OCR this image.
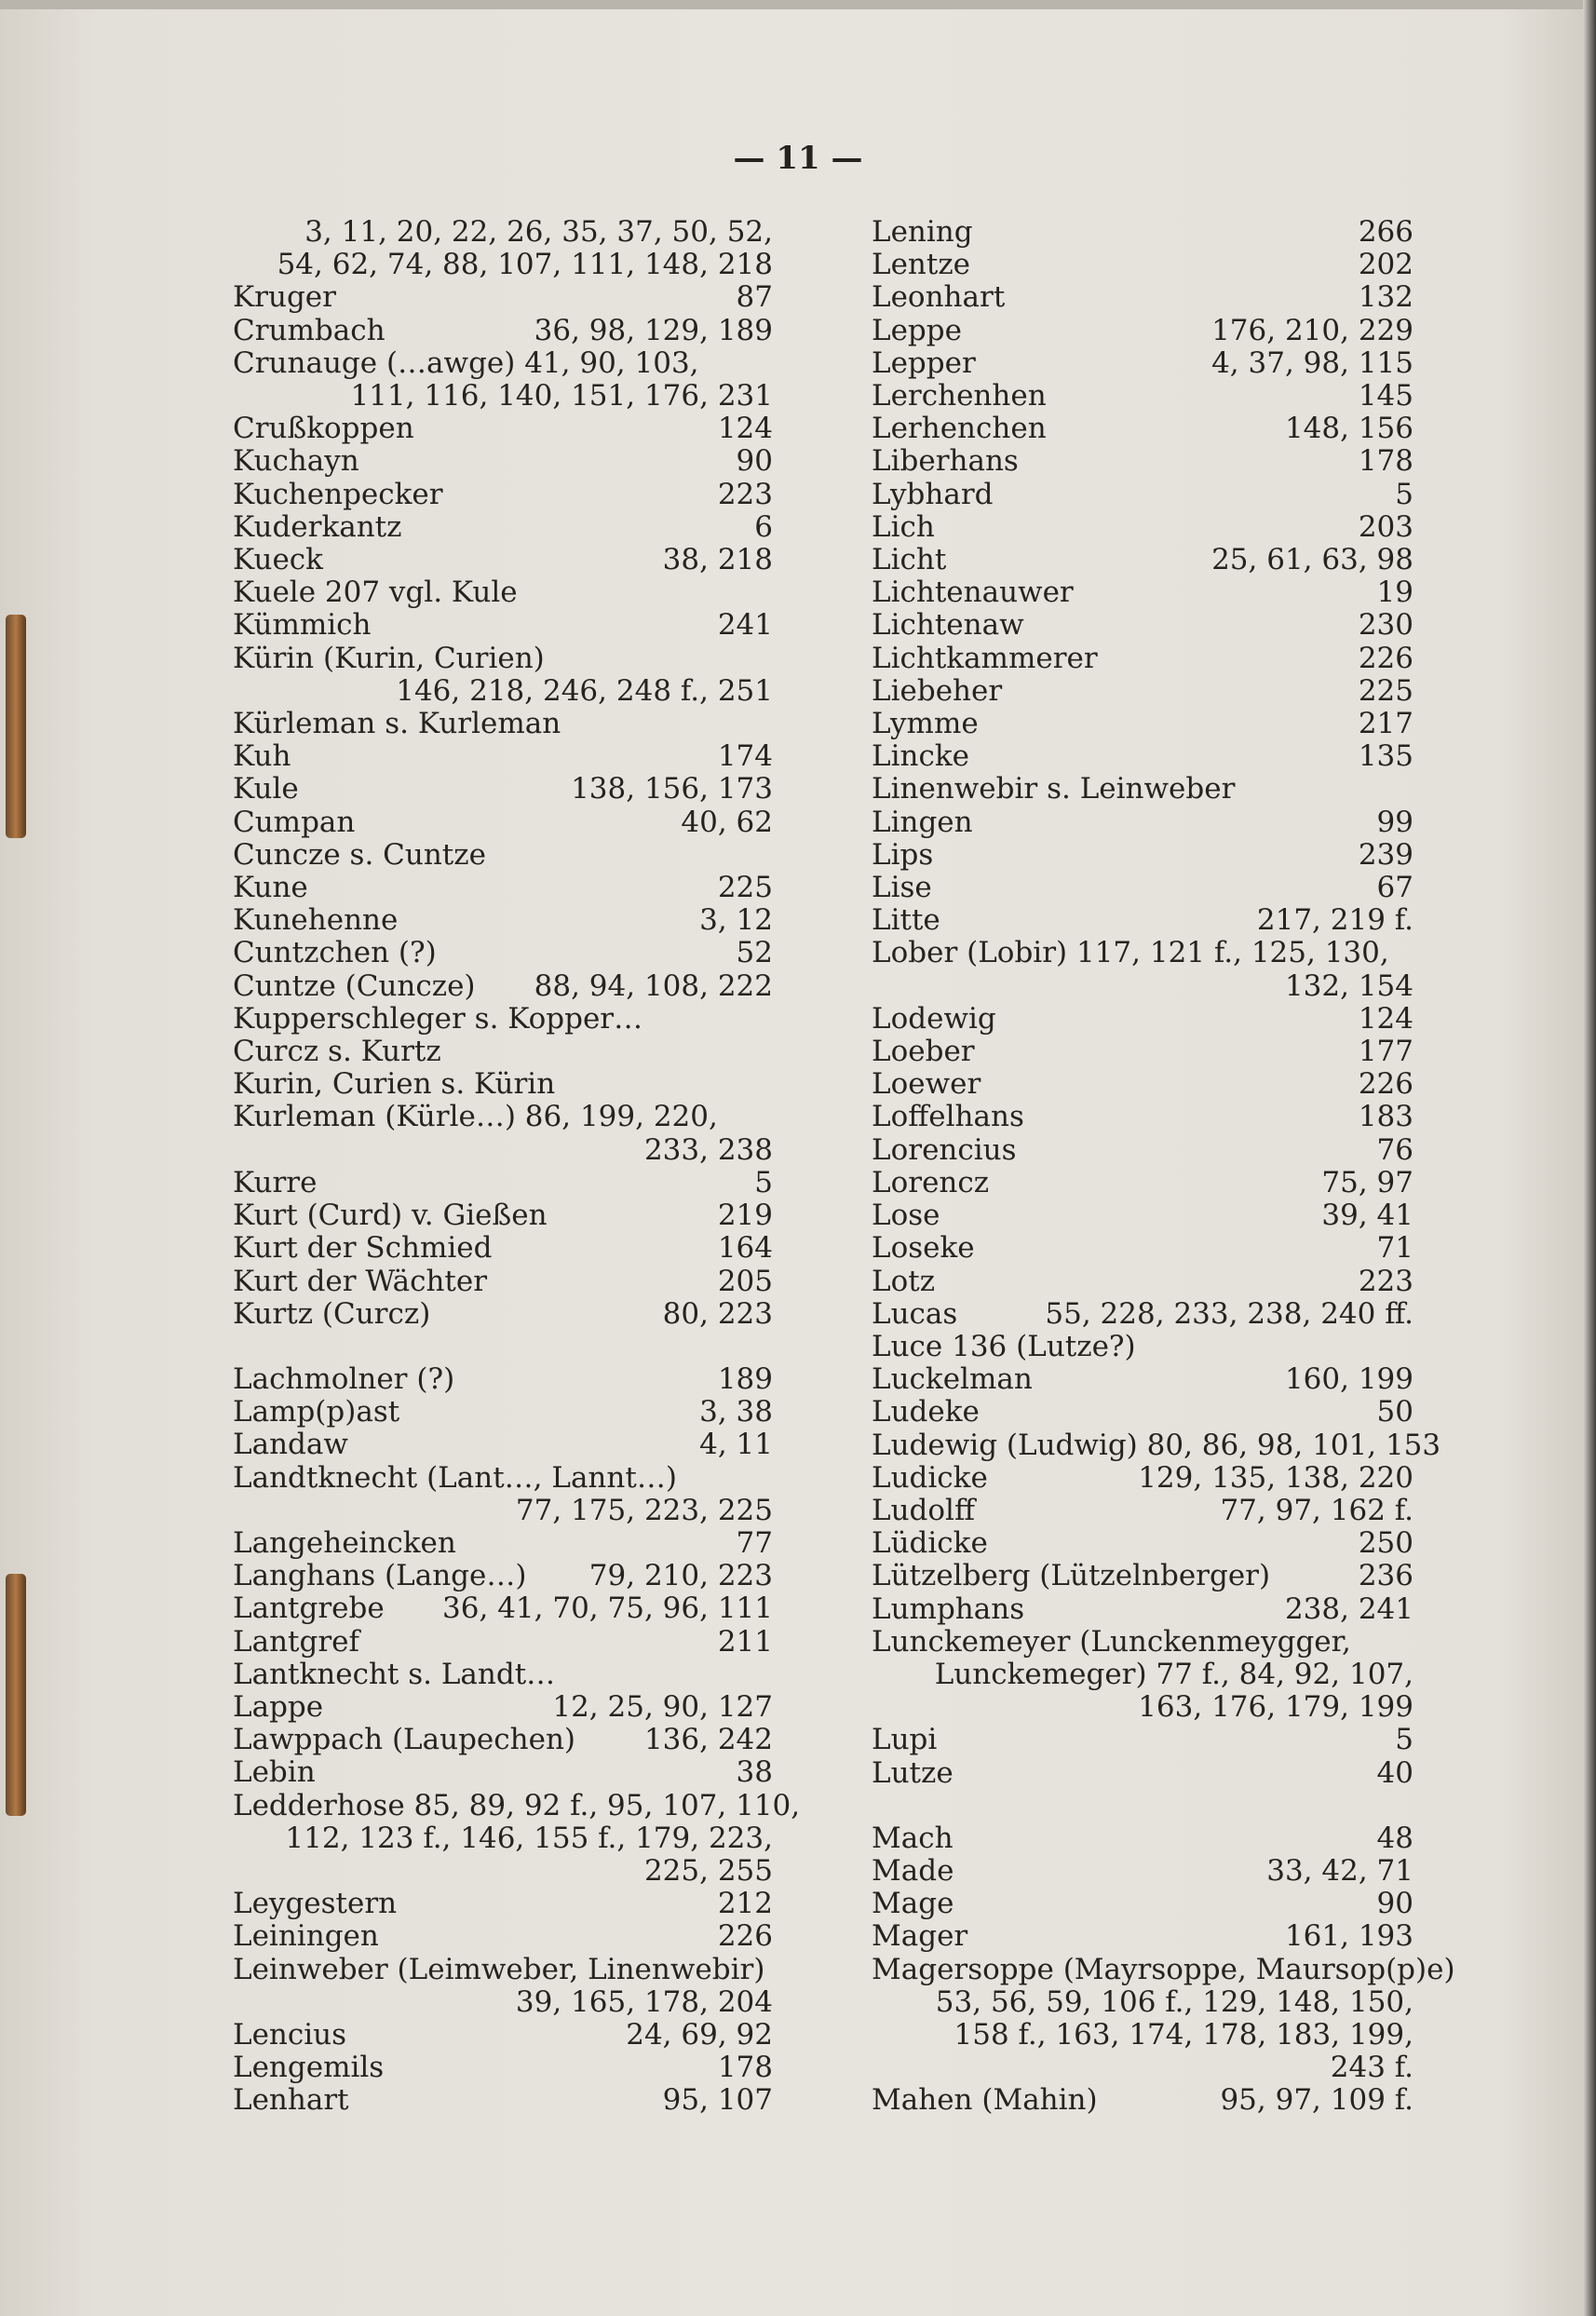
— 11 —
3, 11, 20, 22, 26, 35, 37, 50, 52,
54, 62, 74, 88, 107, 111, 148, 218
Kruger	87
Crumbach	36, 98, 129, 189
Crunauge (…awge) 41, 90, 103,
111, 116, 140, 151, 176, 231
Crußkoppen	124
Kuchayn	90
Kuchenpecker	223
Kuderkantz	6
Kueck	38, 218
Kuele 207 vgl. Kule
Kümmich	241
Kürin (Kurin, Curien)
146, 218, 246, 248 f., 251
Kürleman s. Kurleman
Kuh	174
Kule	138, 156, 173
Cumpan	40, 62
Cuncze s. Cuntze
Kune	225
Kunehenne	3, 12
Cuntzchen (?)	52
Cuntze (Cuncze) 88, 94, 108, 222
Kupperschleger s. Kopper…
Curcz s. Kurtz
Kurin, Curien s. Kürin
Kurleman (Kürle…) 86, 199, 220,
233, 238
Kurre	5
Kurt (Curd) v. Gießen	219
Kurt der Schmied	164
Kurt der Wächter	205
Kurtz (Curcz)	80, 223
Lachmolner (?)	189
Lamp(p)ast	3, 38
Landaw	4, 11
Landtknecht (Lant…, Lannt…)
77, 175, 223, 225
Langeheincken	77
Langhans (Lange…) 79, 210, 223
Lantgrebe 36, 41, 70, 75, 96, 111
Lantgref	211
Lantknecht s. Landt…
Lappe	12, 25, 90, 127
Lawppach (Laupechen) 136, 242
Lebin	38
Ledderhose 85, 89, 92 f., 95, 107, 110,
112, 123 f., 146, 155 f., 179, 223,
225, 255
Leygestern	212
Leiningen	226
Leinweber (Leimweber, Linenwebir)
39, 165, 178, 204
Lencius	24, 69, 92
Lengemils	178
Lenhart	95, 107
Lening	266
Lentze	202
Leonhart	132
Leppe	176, 210, 229
Lepper	4, 37, 98, 115
Lerchenhen	145
Lerhenchen	148, 156
Liberhans	178
Lybhard	5
Lich	203
Licht	25, 61, 63, 98
Lichtenauwer	19
Lichtenaw	230
Lichtkammerer	226
Liebeher	225
Lymme	217
Lincke	135
Linenwebir s. Leinweber
Lingen	99
Lips	239
Lise	67
Litte	217, 219 f.
Lober (Lobir) 117, 121 f., 125, 130,
132, 154
Lodewig	124
Loeber	177
Loewer	226
Loffelhans	183
Lorencius	76
Lorencz	75, 97
Lose	39, 41
Loseke	71
Lotz	223
Lucas	55, 228, 233, 238, 240 ff.
Luce 136 (Lutze?)
Luckelman	160, 199
Ludeke	50
Ludewig (Ludwig) 80, 86, 98, 101, 153
Ludicke	129, 135, 138, 220
Ludolff	77, 97, 162 f.
Lüdicke	250
Lützelberg (Lützelnberger)	236
Lumphans	238, 241
Lunckemeyer (Lunckenmeygger,
Lunckemeger) 77 f., 84, 92, 107,
163, 176, 179, 199
Lupi	5
Lutze	40
Mach	48
Made	33, 42, 71
Mage	90
Mager	161, 193
Magersoppe (Mayrsoppe, Maursop(p)e)
53, 56, 59, 106 f., 129, 148, 150,
158 f., 163, 174, 178, 183, 199,
243 f.
Mahen (Mahin)	95, 97, 109 f.
